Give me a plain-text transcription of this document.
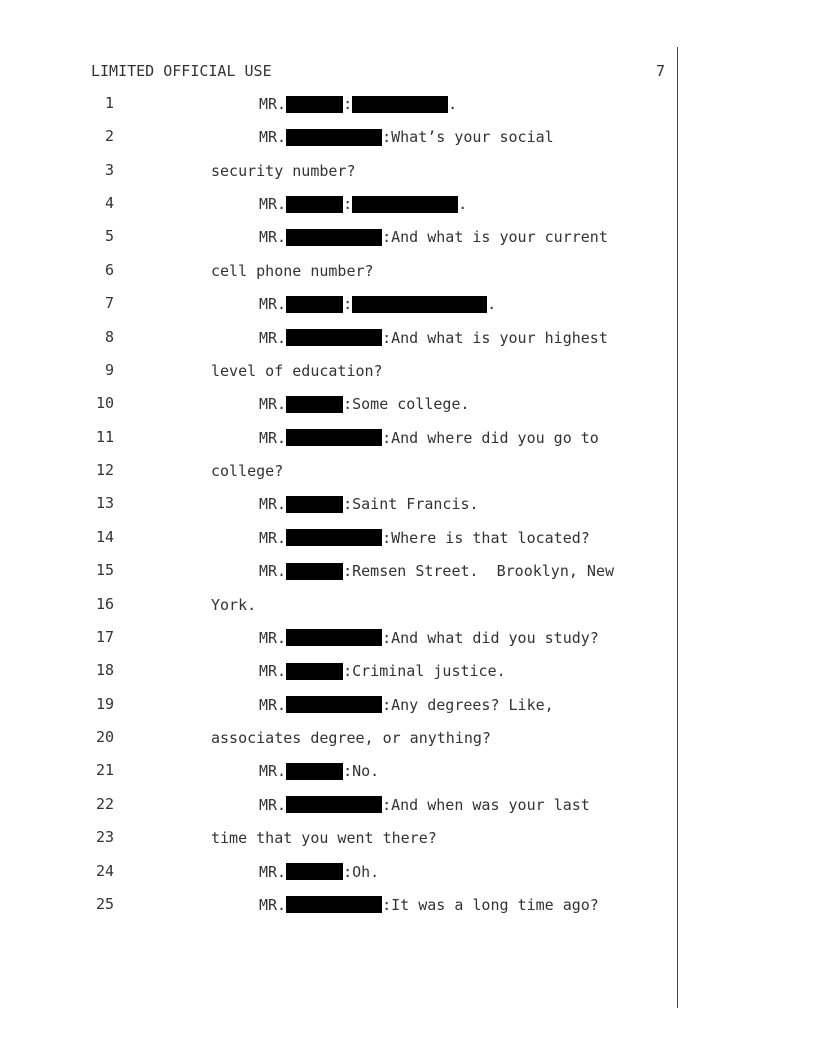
LIMITED OFFICIAL USE	7
1	MR.	:	.
2	MR.	: What’s your social
3	security number?
4	MR.	:	.
5	MR.	: And what is your current
6	cell phone number?
7	MR.	:	.
8	MR.	: And what is your highest
9	level of education?
10	MR.	: Some college.
11	MR.	: And where did you go to
12	college?
13	MR.	: Saint Francis.
14	MR.	: Where is that located?
15	MR.	: Remsen Street.  Brooklyn, New
16	York.
17	MR.	: And what did you study?
18	MR.	: Criminal justice.
19	MR.	: Any degrees? Like,
20	associates degree, or anything?
21	MR.	: No.
22	MR.	: And when was your last
23	time that you went there?
24	MR.	: Oh.
25	MR.	: It was a long time ago?
